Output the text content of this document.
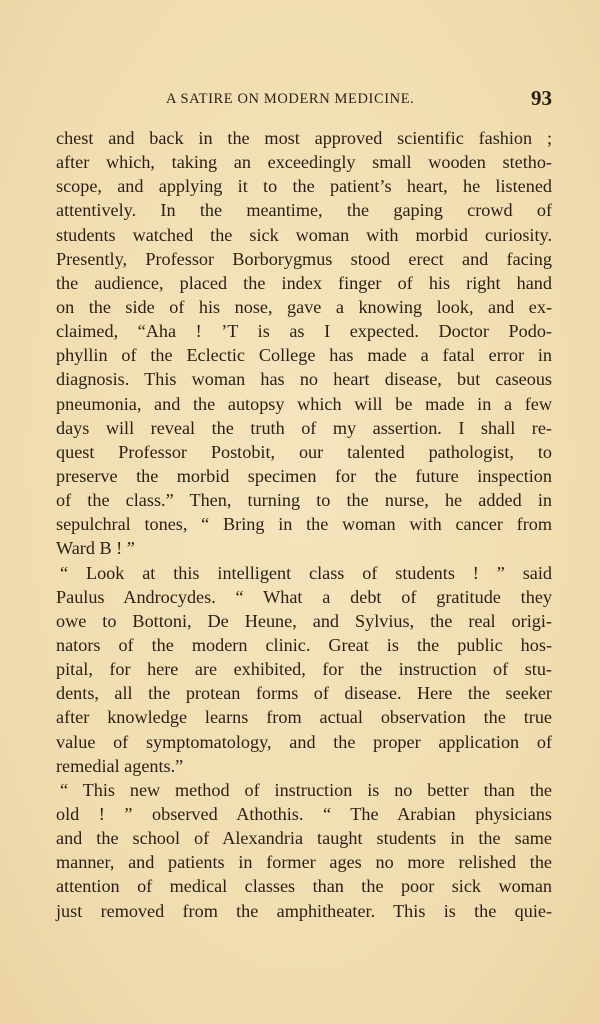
A SATIRE ON MODERN MEDICINE.	93
chest and back in the most approved scientific fashion ;
after which, taking an exceedingly small wooden stetho-
scope, and applying it to the patient’s heart, he listened
attentively. In the meantime, the gaping crowd of
students watched the sick woman with morbid curiosity.
Presently, Professor Borborygmus stood erect and facing
the audience, placed the index finger of his right hand
on the side of his nose, gave a knowing look, and ex-
claimed, “Aha ! ’T is as I expected. Doctor Podo-
phyllin of the Eclectic College has made a fatal error in
diagnosis. This woman has no heart disease, but caseous
pneumonia, and the autopsy which will be made in a few
days will reveal the truth of my assertion. I shall re-
quest Professor Postobit, our talented pathologist, to
preserve the morbid specimen for the future inspection
of the class.” Then, turning to the nurse, he added in
sepulchral tones, “ Bring in the woman with cancer from
Ward B ! ”
“ Look at this intelligent class of students ! ” said
Paulus Androcydes. “ What a debt of gratitude they
owe to Bottoni, De Heune, and Sylvius, the real origi-
nators of the modern clinic. Great is the public hos-
pital, for here are exhibited, for the instruction of stu-
dents, all the protean forms of disease. Here the seeker
after knowledge learns from actual observation the true
value of symptomatology, and the proper application of
remedial agents.”
“ This new method of instruction is no better than the
old ! ” observed Athothis. “ The Arabian physicians
and the school of Alexandria taught students in the same
manner, and patients in former ages no more relished the
attention of medical classes than the poor sick woman
just removed from the amphitheater. This is the quie-
